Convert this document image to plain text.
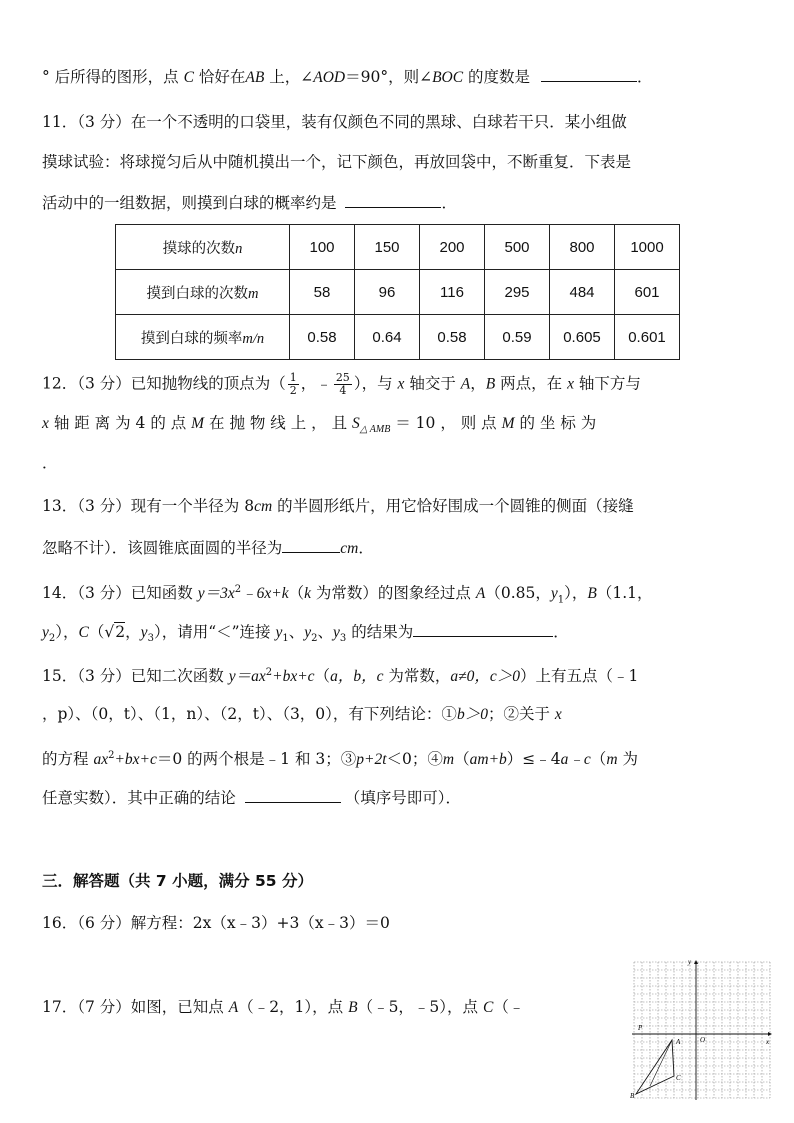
° 后所得的图形，点 C 恰好在AB 上，∠AOD＝90°，则∠BOC 的度数是	．
11．（3 分）在一个不透明的口袋里，装有仅颜色不同的黑球、白球若干只．某小组做
摸球试验：将球搅匀后从中随机摸出一个，记下颜色，再放回袋中，不断重复．下表是
活动中的一组数据，则摸到白球的概率约是	．
摸球的次数n	100	150	200	500	800	1000
摸到白球的次数m	58	96	116	295	484	601
摸到白球的频率m/n	0.58	0.64	0.58	0.59	0.605	0.601
12．（3 分）已知抛物线的顶点为（ $\frac{1}{2}$ ，﹣ $\frac{25}{4}$ ），与 x 轴交于 A，B 两点，在 x 轴下方与
x 轴 距 离 为 4 的 点 M 在 抛 物 线 上 ， 且 $S_{\triangle AMB} = 10$ ， 则 点 M 的 坐 标 为
．
13．（3 分）现有一个半径为 8cm 的半圆形纸片，用它恰好围成一个圆锥的侧面（接缝
忽略不计）．该圆锥底面圆的半径为	cm．
14．（3 分）已知函数 $y=3x^2﹣6x+k(k$ 为常数）的图象经过点 A（0.85，$y_1$），B（1.1，
$y_2$），C（√2，$y_3$），请用“＜”连接 $y_1$、$y_2$、$y_3$ 的结果为	．
15．（3 分）已知二次函数 $y=ax^2+bx+c(a$，b，c 为常数，a≠0，c＞0）上有五点（﹣1
，p）、（0，t）、（1，n）、（2，t）、（3，0），有下列结论：①b＞0；②关于 x
的方程 $ax^2+bx+c=0$ 的两个根是﹣1 和 3；③p+2t＜0；④m（am+b）≤﹣4a﹣c（m 为
任意实数）．其中正确的结论	（填序号即可）．
三．解答题（共 7 小题，满分 55 分）
16．（6 分）解方程：2x（x﹣3）+3（x﹣3）＝0
17．（7 分）如图，已知点 A（﹣2，1），点 B（﹣5，﹣5），点 C（﹣
y
x
O
P
A
B
C
